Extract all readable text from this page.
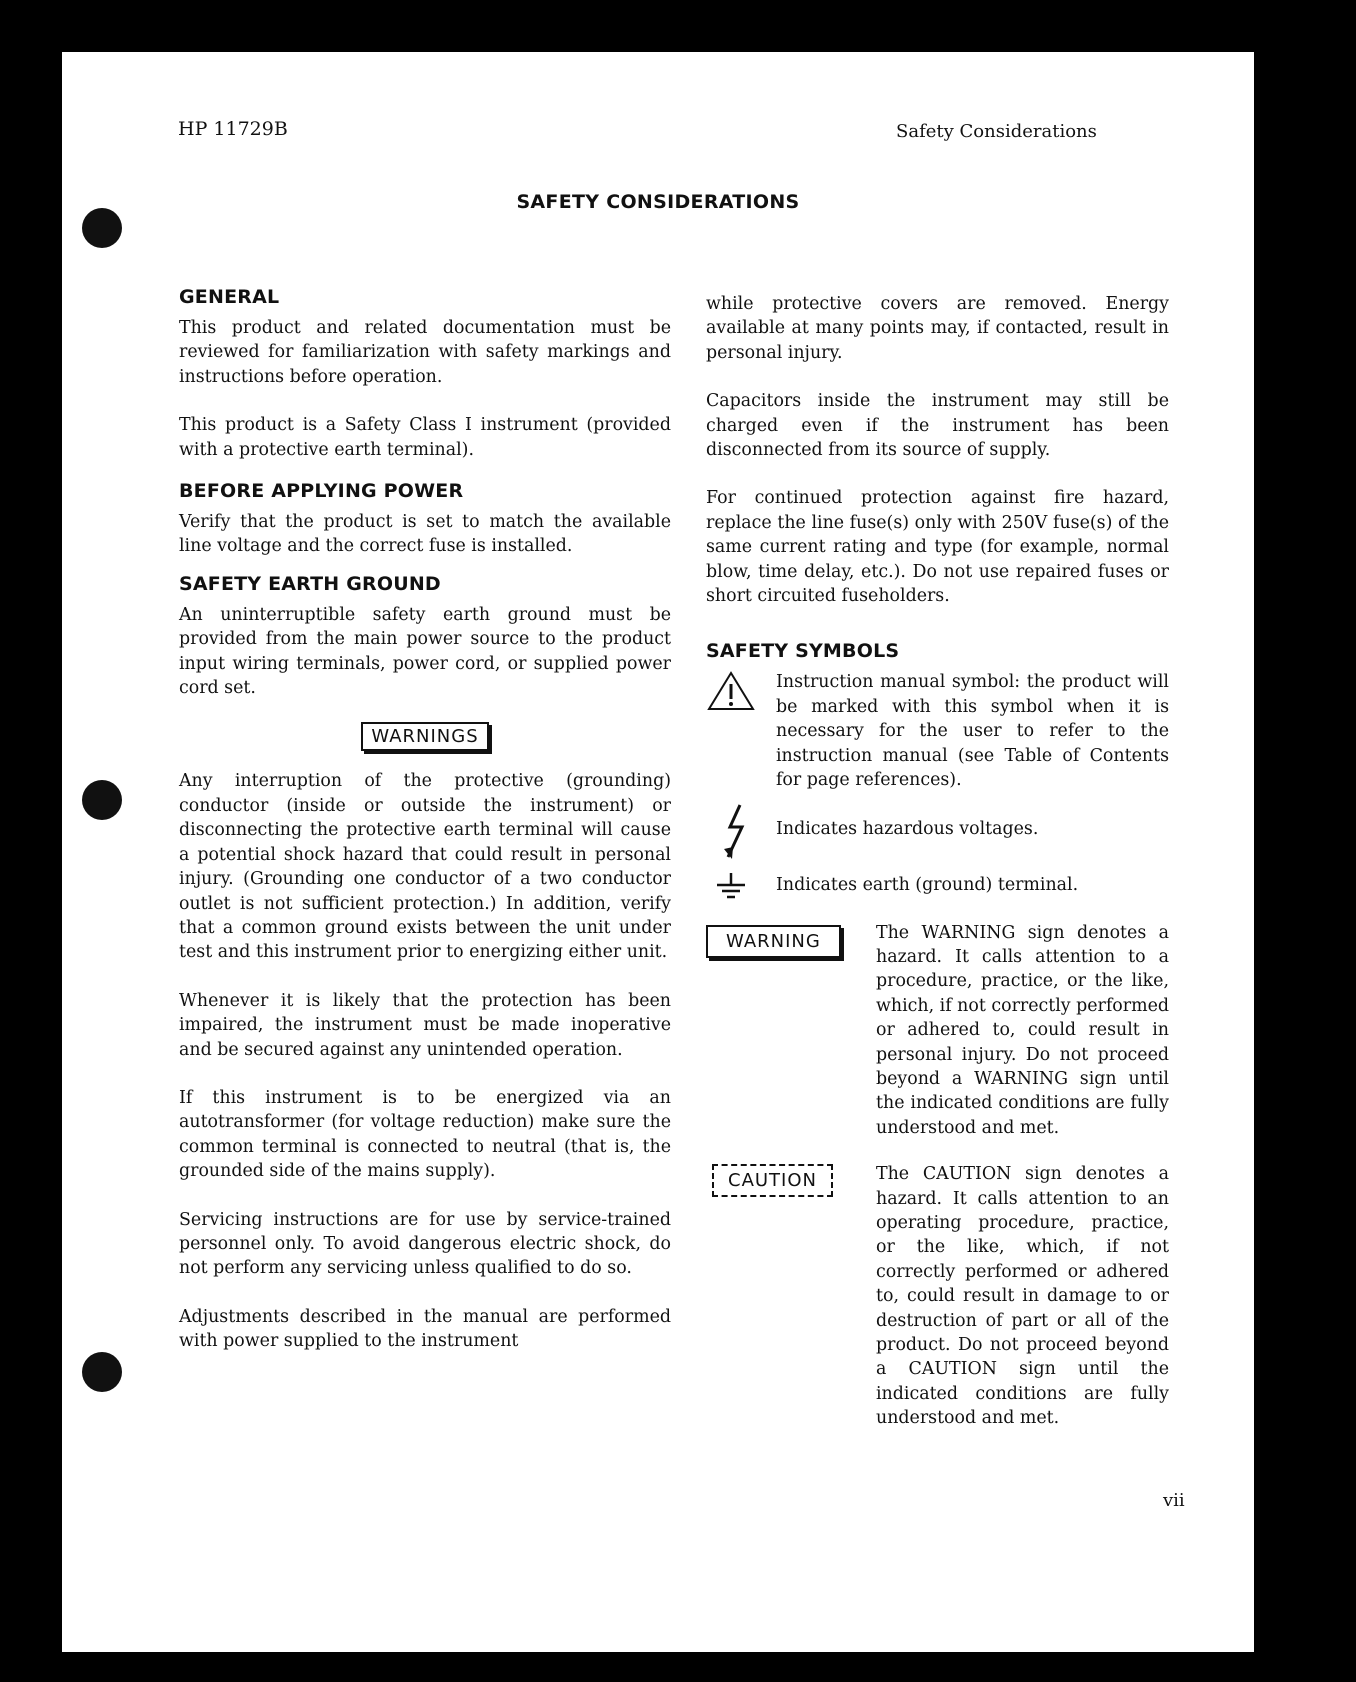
HP 11729B	Safety Considerations
SAFETY CONSIDERATIONS
GENERAL

This product and related documentation must be reviewed for familiarization with safety markings and instructions before operation.

This product is a Safety Class I instrument (provided with a protective earth terminal).

BEFORE APPLYING POWER

Verify that the product is set to match the available line voltage and the correct fuse is installed.

SAFETY EARTH GROUND

An uninterruptible safety earth ground must be provided from the main power source to the product input wiring terminals, power cord, or supplied power cord set.

WARNINGS

Any interruption of the protective (grounding) conductor (inside or outside the instrument) or disconnecting the protective earth terminal will cause a potential shock hazard that could result in personal injury. (Grounding one conductor of a two conductor outlet is not sufficient protection.) In addition, verify that a common ground exists between the unit under test and this instrument prior to energizing either unit.

Whenever it is likely that the protection has been impaired, the instrument must be made inoperative and be secured against any unintended operation.

If this instrument is to be energized via an autotransformer (for voltage reduction) make sure the common terminal is connected to neutral (that is, the grounded side of the mains supply).

Servicing instructions are for use by service-trained personnel only. To avoid dangerous electric shock, do not perform any servicing unless qualified to do so.

Adjustments described in the manual are performed with power supplied to the instrument

while protective covers are removed. Energy available at many points may, if contacted, result in personal injury.

Capacitors inside the instrument may still be charged even if the instrument has been disconnected from its source of supply.

For continued protection against fire hazard, replace the line fuse(s) only with 250V fuse(s) of the same current rating and type (for example, normal blow, time delay, etc.). Do not use repaired fuses or short circuited fuseholders.

SAFETY SYMBOLS

Instruction manual symbol: the product will be marked with this symbol when it is necessary for the user to refer to the instruction manual (see Table of Contents for page references).

Indicates hazardous voltages.

Indicates earth (ground) terminal.

WARNING	The WARNING sign denotes a hazard. It calls attention to a procedure, practice, or the like, which, if not correctly performed or adhered to, could result in personal injury. Do not proceed beyond a WARNING sign until the indicated conditions are fully understood and met.

CAUTION	The CAUTION sign denotes a hazard. It calls attention to an operating procedure, practice, or the like, which, if not correctly performed or adhered to, could result in damage to or destruction of part or all of the product. Do not proceed beyond a CAUTION sign until the indicated conditions are fully understood and met.

vii
